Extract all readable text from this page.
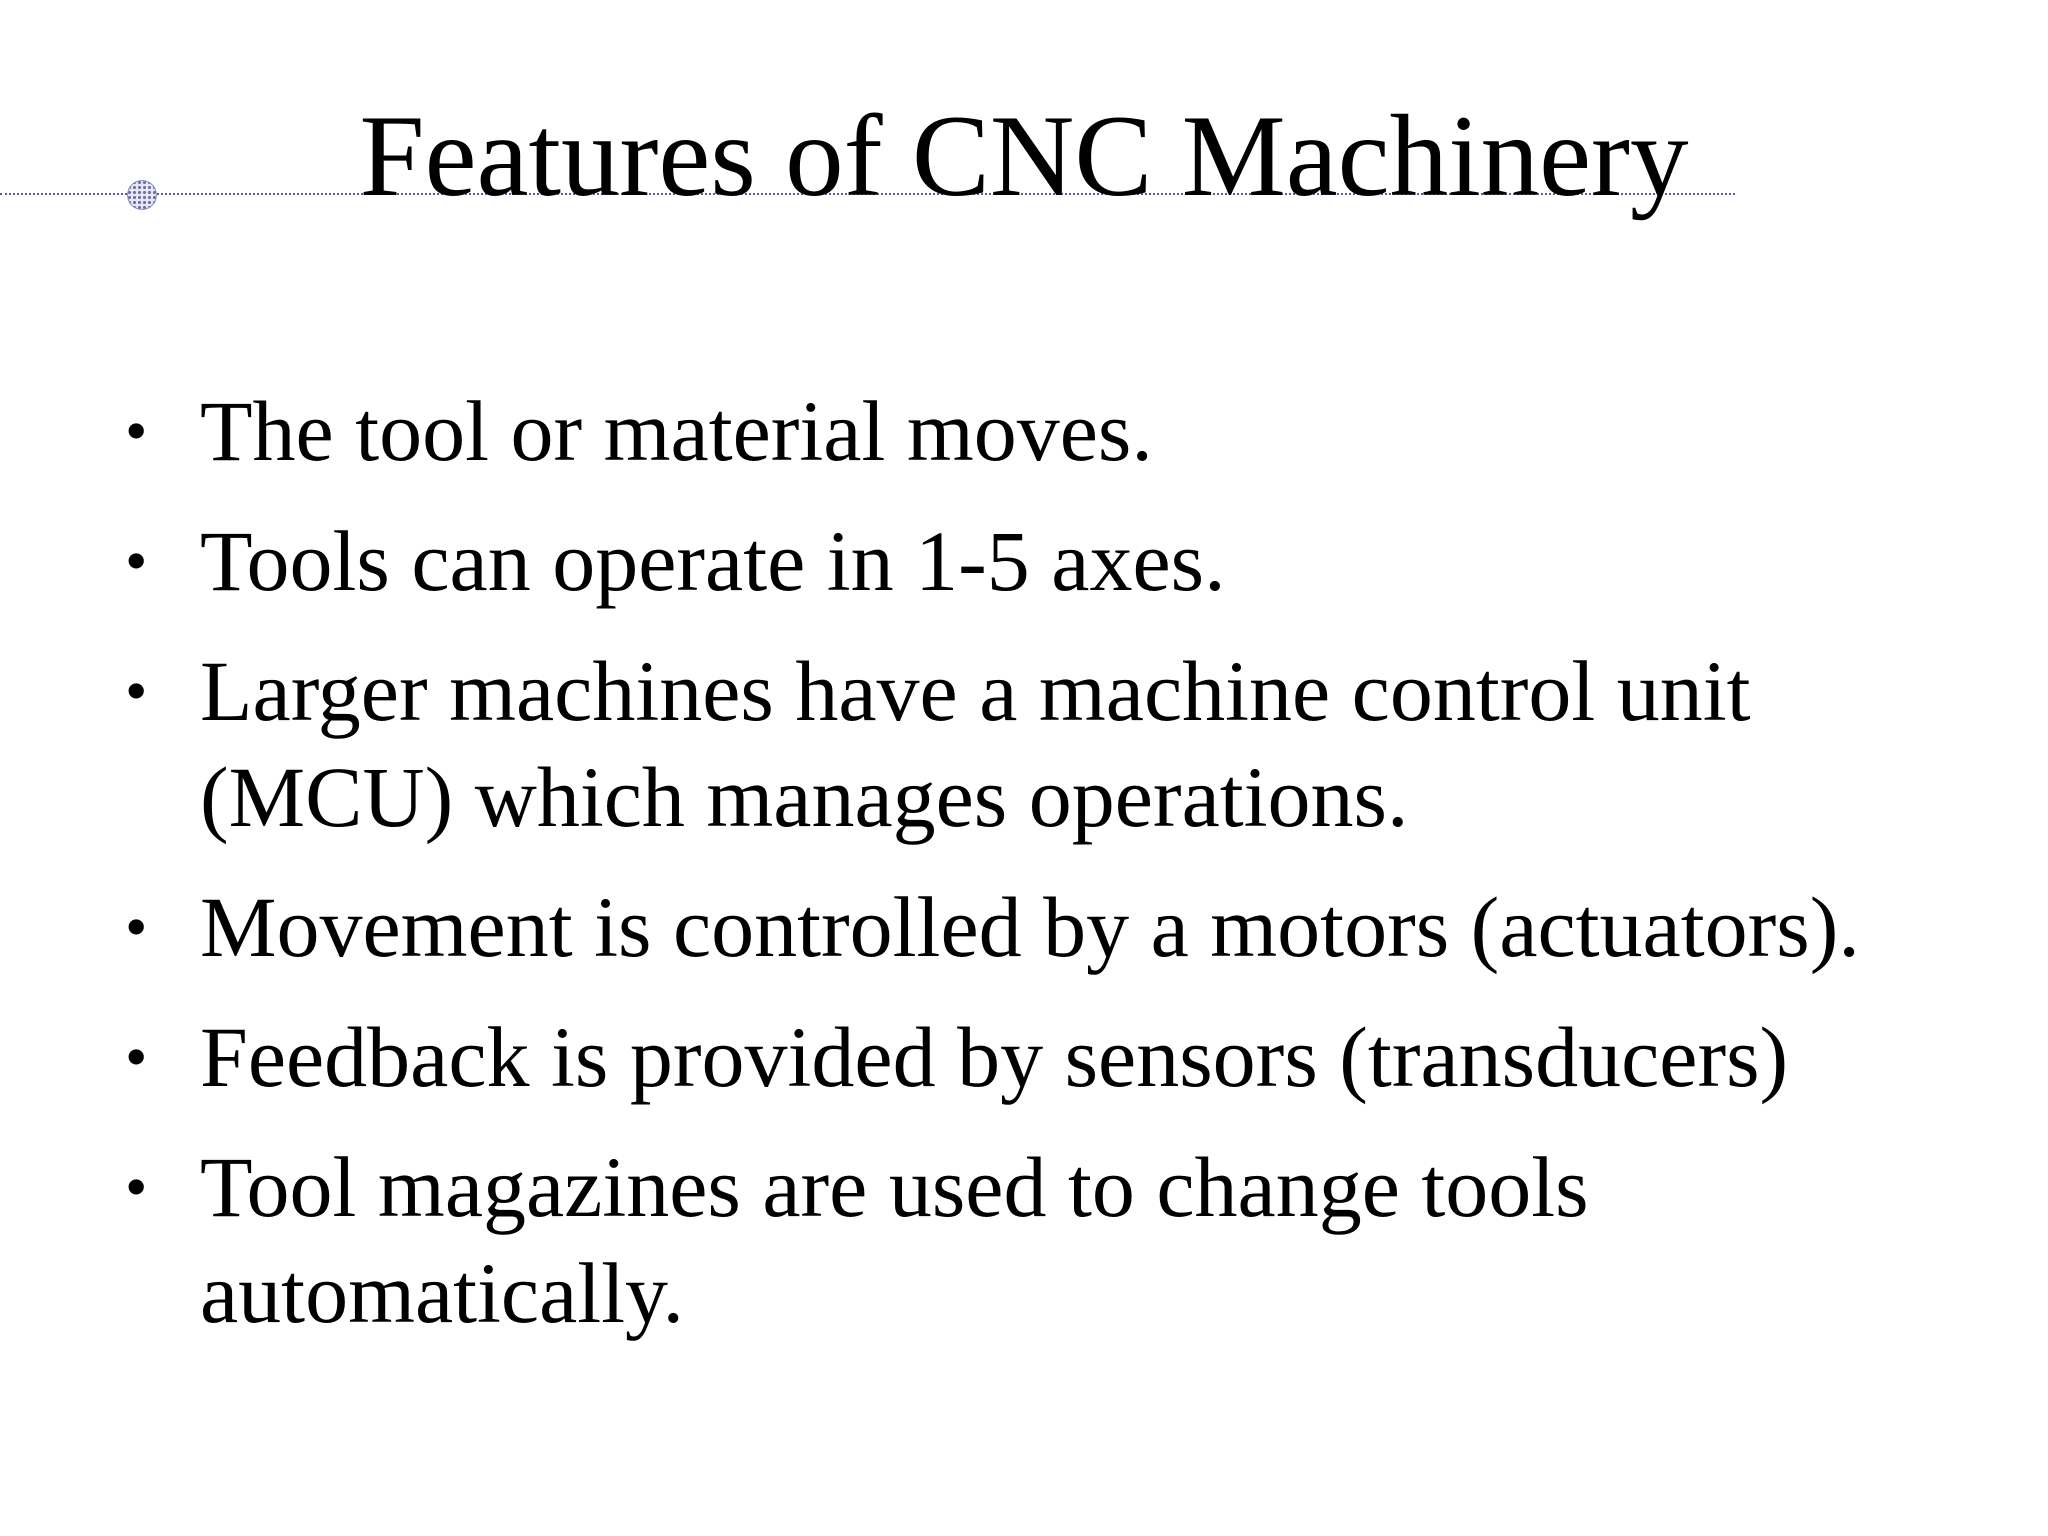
Features of CNC Machinery
• The tool or material moves.
• Tools can operate in 1-5 axes.
• Larger machines have a machine control unit (MCU) which manages operations.
• Movement is controlled by a motors (actuators).
• Feedback is provided by sensors (transducers)
• Tool magazines are used to change tools automatically.
